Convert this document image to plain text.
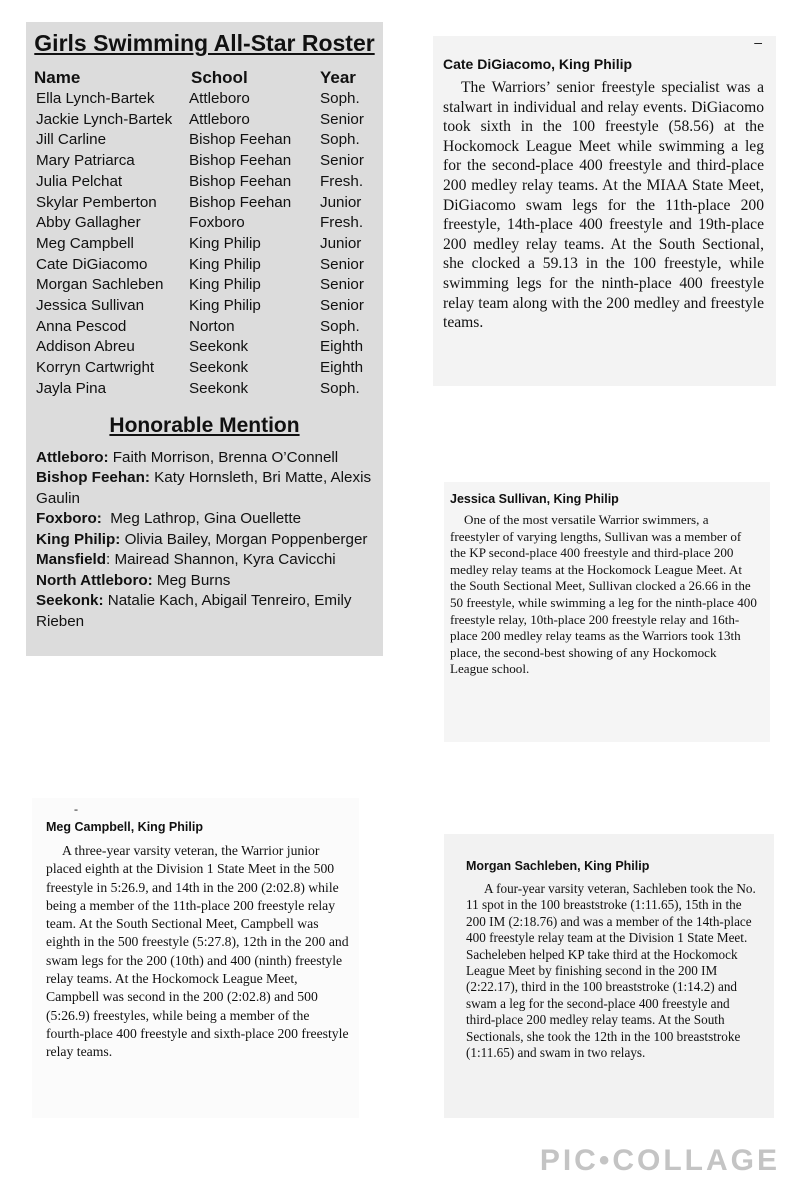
Girls Swimming All-Star Roster
Name	School	Year
Ella Lynch-Bartek	Attleboro	Soph.
Jackie Lynch-Bartek	Attleboro	Senior
Jill Carline	Bishop Feehan	Soph.
Mary Patriarca	Bishop Feehan	Senior
Julia Pelchat	Bishop Feehan	Fresh.
Skylar Pemberton	Bishop Feehan	Junior
Abby Gallagher	Foxboro	Fresh.
Meg Campbell	King Philip	Junior
Cate DiGiacomo	King Philip	Senior
Morgan Sachleben	King Philip	Senior
Jessica Sullivan	King Philip	Senior
Anna Pescod	Norton	Soph.
Addison Abreu	Seekonk	Eighth
Korryn Cartwright	Seekonk	Eighth
Jayla Pina	Seekonk	Soph.
Honorable Mention
Attleboro: Faith Morrison, Brenna O’Connell
Bishop Feehan: Katy Hornsleth, Bri Matte, Alexis Gaulin
Foxboro:  Meg Lathrop, Gina Ouellette
King Philip: Olivia Bailey, Morgan Poppenberger
Mansfield: Mairead Shannon, Kyra Cavicchi
North Attleboro: Meg Burns
Seekonk: Natalie Kach, Abigail Tenreiro, Emily Rieben
–
Cate DiGiacomo, King Philip
The Warriors’ senior freestyle specialist was a stalwart in individual and relay events. DiGiacomo took sixth in the 100 freestyle (58.56) at the Hockomock League Meet while swimming a leg for the second-place 400 freestyle and third-place 200 medley relay teams. At the MIAA State Meet, DiGiacomo swam legs for the 11th-place 200 freestyle, 14th-place 400 freestyle and 19th-place 200 medley relay teams. At the South Sectional, she clocked a 59.13 in the 100 freestyle, while swimming legs for the ninth-place 400 freestyle relay team along with the 200 medley and freestyle teams.
Jessica Sullivan, King Philip
One of the most versatile Warrior swimmers, a freestyler of varying lengths, Sullivan was a member of the KP second-place 400 freestyle and third-place 200 medley relay teams at the Hockomock League Meet. At the South Sectional Meet, Sullivan clocked a 26.66 in the 50 freestyle, while swimming a leg for the ninth-place 400 freestyle relay, 10th-place 200 freestyle relay and 16th-place 200 medley relay teams as the Warriors took 13th place, the second-best showing of any Hockomock League school.
-
Meg Campbell, King Philip
A three-year varsity veteran, the Warrior junior placed eighth at the Division 1 State Meet in the 500 freestyle in 5:26.9, and 14th in the 200 (2:02.8) while being a member of the 11th-place 200 freestyle relay team. At the South Sectional Meet, Campbell was eighth in the 500 freestyle (5:27.8), 12th in the 200 and swam legs for the 200 (10th) and 400 (ninth) freestyle relay teams. At the Hockomock League Meet, Campbell was second in the 200 (2:02.8) and 500 (5:26.9) freestyles, while being a member of the fourth-place 400 freestyle and sixth-place 200 freestyle relay teams.
Morgan Sachleben, King Philip
A four-year varsity veteran, Sachleben took the No. 11 spot in the 100 breaststroke (1:11.65), 15th in the 200 IM (2:18.76) and was a member of the 14th-place 400 freestyle relay team at the Division 1 State Meet. Sacheleben helped KP take third at the Hockomock League Meet by finishing second in the 200 IM (2:22.17), third in the 100 breaststroke (1:14.2) and swam a leg for the second-place 400 freestyle and third-place 200 medley relay teams. At the South Sectionals, she took the 12th in the 100 breaststroke (1:11.65) and swam in two relays.
PIC•COLLAGE
